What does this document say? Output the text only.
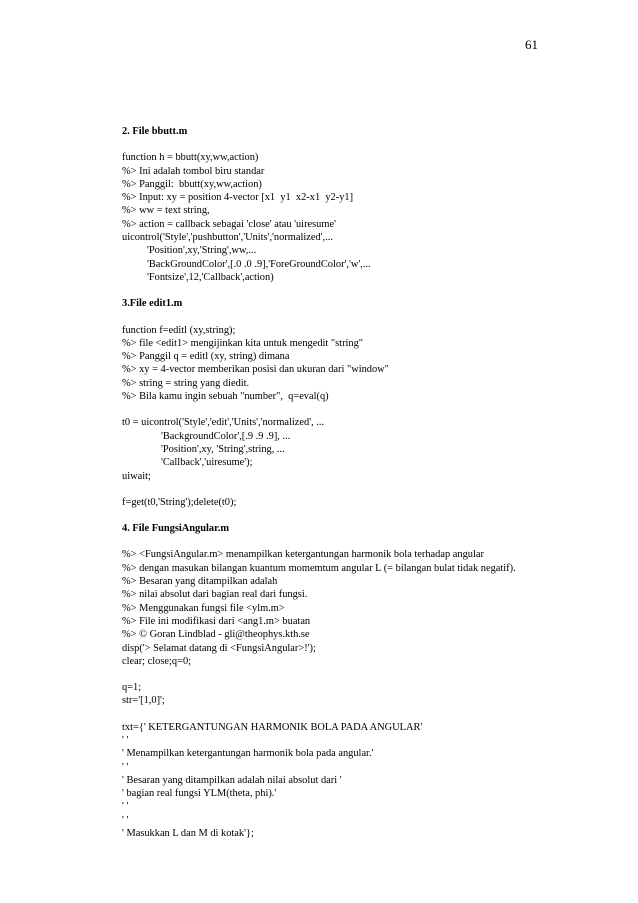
61
2. File bbutt.m
function h = bbutt(xy,ww,action)
%> Ini adalah tombol biru standar
%> Panggil:  bbutt(xy,ww,action)
%> Input: xy = position 4-vector [x1  y1  x2-x1  y2-y1]
%> ww = text string,
%> action = callback sebagai 'close' atau 'uiresume'
uicontrol('Style','pushbutton','Units','normalized',...
'Position',xy,'String',ww,...
'BackGroundColor',[.0 .0 .9],'ForeGroundColor','w',...
'Fontsize',12,'Callback',action)
3.File edit1.m
function f=editl (xy,string);
%> file <edit1> mengijinkan kita untuk mengedit "string"
%> Panggil q = editl (xy, string) dimana
%> xy = 4-vector memberikan posisi dan ukuran dari "window"
%> string = string yang diedit.
%> Bila kamu ingin sebuah "number",  q=eval(q)
t0 = uicontrol('Style','edit','Units','normalized', ...
'BackgroundColor',[.9 .9 .9], ...
'Position',xy, 'String',string, ...
'Callback','uiresume');
uiwait;
f=get(t0,'String');delete(t0);
4. File FungsiAngular.m
%> <FungsiAngular.m> menampilkan ketergantungan harmonik bola terhadap angular
%> dengan masukan bilangan kuantum momemtum angular L (= bilangan bulat tidak negatif).
%> Besaran yang ditampilkan adalah
%> nilai absolut dari bagian real dari fungsi.
%> Menggunakan fungsi file <ylm.m>
%> File ini modifikasi dari <ang1.m> buatan
%> © Goran Lindblad - gli@theophys.kth.se
disp('> Selamat datang di <FungsiAngular>!');
clear; close;q=0;
q=1;
str='[1,0]';
txt={' KETERGANTUNGAN HARMONIK BOLA PADA ANGULAR'
' '
' Menampilkan ketergantungan harmonik bola pada angular.'
' '
' Besaran yang ditampilkan adalah nilai absolut dari '
' bagian real fungsi YLM(theta, phi).'
' '
' '
' Masukkan L dan M di kotak'};
